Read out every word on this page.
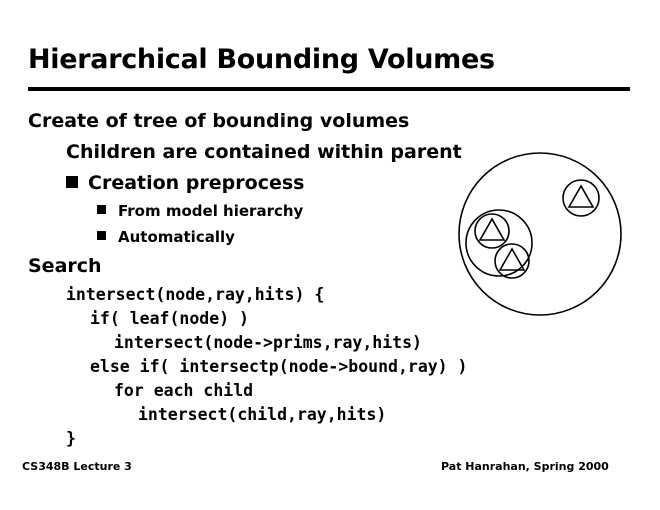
Hierarchical Bounding Volumes
Create of tree of bounding volumes
Children are contained within parent
Creation preprocess
From model hierarchy
Automatically
Search
intersect(node,ray,hits) {
if( leaf(node) )
intersect(node->prims,ray,hits)
else if( intersectp(node->bound,ray) )
for each child
intersect(child,ray,hits)
}
CS348B Lecture 3	Pat Hanrahan, Spring 2000
